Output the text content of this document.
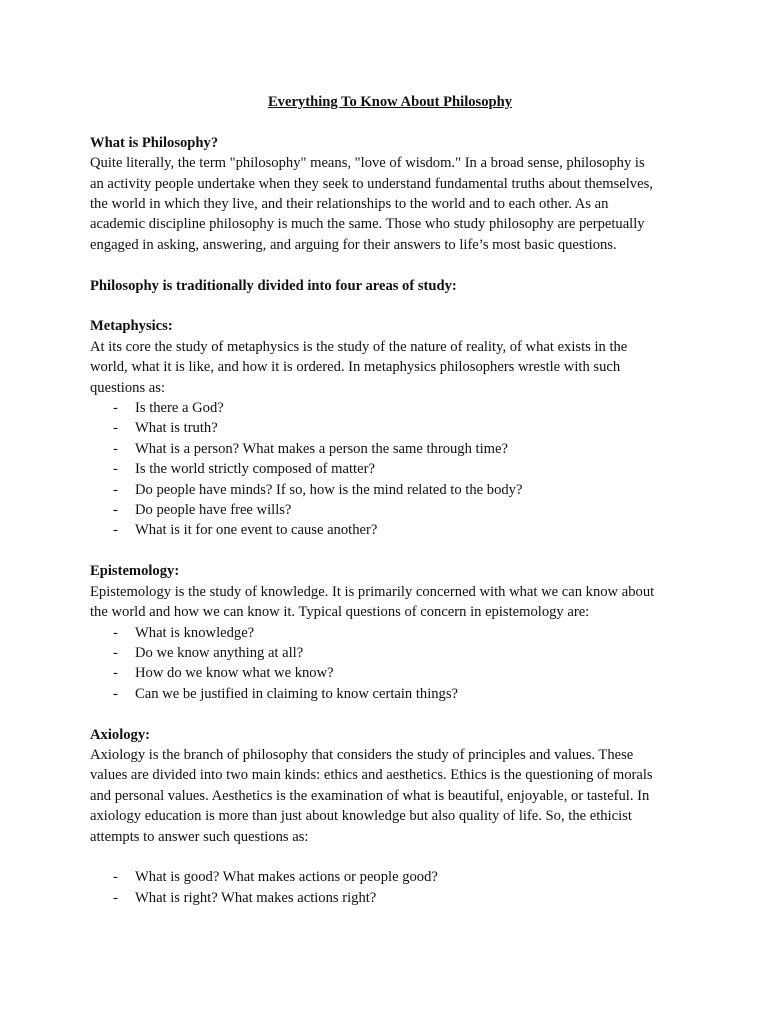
Everything To Know About Philosophy

What is Philosophy?

Quite literally, the term "philosophy" means, "love of wisdom." In a broad sense, philosophy is
an activity people undertake when they seek to understand fundamental truths about themselves,
the world in which they live, and their relationships to the world and to each other. As an
academic discipline philosophy is much the same. Those who study philosophy are perpetually
engaged in asking, answering, and arguing for their answers to life’s most basic questions.

Philosophy is traditionally divided into four areas of study:

Metaphysics:

At its core the study of metaphysics is the study of the nature of reality, of what exists in the
world, what it is like, and how it is ordered. In metaphysics philosophers wrestle with such
questions as:

- Is there a God?
- What is truth?
- What is a person? What makes a person the same through time?
- Is the world strictly composed of matter?
- Do people have minds? If so, how is the mind related to the body?
- Do people have free wills?
- What is it for one event to cause another?

Epistemology:

Epistemology is the study of knowledge. It is primarily concerned with what we can know about
the world and how we can know it. Typical questions of concern in epistemology are:

- What is knowledge?
- Do we know anything at all?
- How do we know what we know?
- Can we be justified in claiming to know certain things?

Axiology:

Axiology is the branch of philosophy that considers the study of principles and values. These
values are divided into two main kinds: ethics and aesthetics. Ethics is the questioning of morals
and personal values. Aesthetics is the examination of what is beautiful, enjoyable, or tasteful. In
axiology education is more than just about knowledge but also quality of life. So, the ethicist
attempts to answer such questions as:

- What is good? What makes actions or people good?
- What is right? What makes actions right?
